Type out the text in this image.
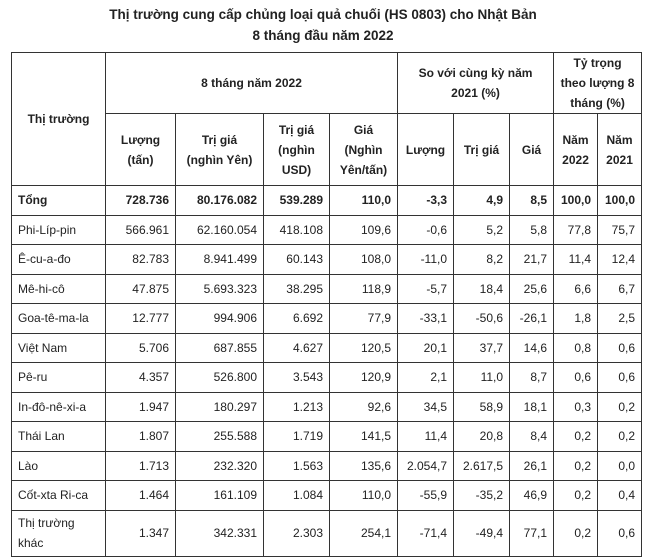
Thị trường cung cấp chủng loại quả chuối (HS 0803) cho Nhật Bản
8 tháng đầu năm 2022
Thị trường	8 tháng năm 2022				So với cùng kỳ năm 2021 (%)			Tỷ trọng theo lượng 8 tháng (%)	
	Lượng (tấn)	Trị giá (nghìn Yên)	Trị giá (nghìn USD)	Giá (Nghìn Yên/tấn)	Lượng	Trị giá	Giá	Năm 2022	Năm 2021
Tổng	728.736	80.176.082	539.289	110,0	-3,3	4,9	8,5	100,0	100,0
Phi-Líp-pin	566.961	62.160.054	418.108	109,6	-0,6	5,2	5,8	77,8	75,7
Ê-cu-a-đo	82.783	8.941.499	60.143	108,0	-11,0	8,2	21,7	11,4	12,4
Mê-hi-cô	47.875	5.693.323	38.295	118,9	-5,7	18,4	25,6	6,6	6,7
Goa-tê-ma-la	12.777	994.906	6.692	77,9	-33,1	-50,6	-26,1	1,8	2,5
Việt Nam	5.706	687.855	4.627	120,5	20,1	37,7	14,6	0,8	0,6
Pê-ru	4.357	526.800	3.543	120,9	2,1	11,0	8,7	0,6	0,6
In-đô-nê-xi-a	1.947	180.297	1.213	92,6	34,5	58,9	18,1	0,3	0,2
Thái Lan	1.807	255.588	1.719	141,5	11,4	20,8	8,4	0,2	0,2
Lào	1.713	232.320	1.563	135,6	2.054,7	2.617,5	26,1	0,2	0,0
Cốt-xta Ri-ca	1.464	161.109	1.084	110,0	-55,9	-35,2	46,9	0,2	0,4
Thị trường khác	1.347	342.331	2.303	254,1	-71,4	-49,4	77,1	0,2	0,6
